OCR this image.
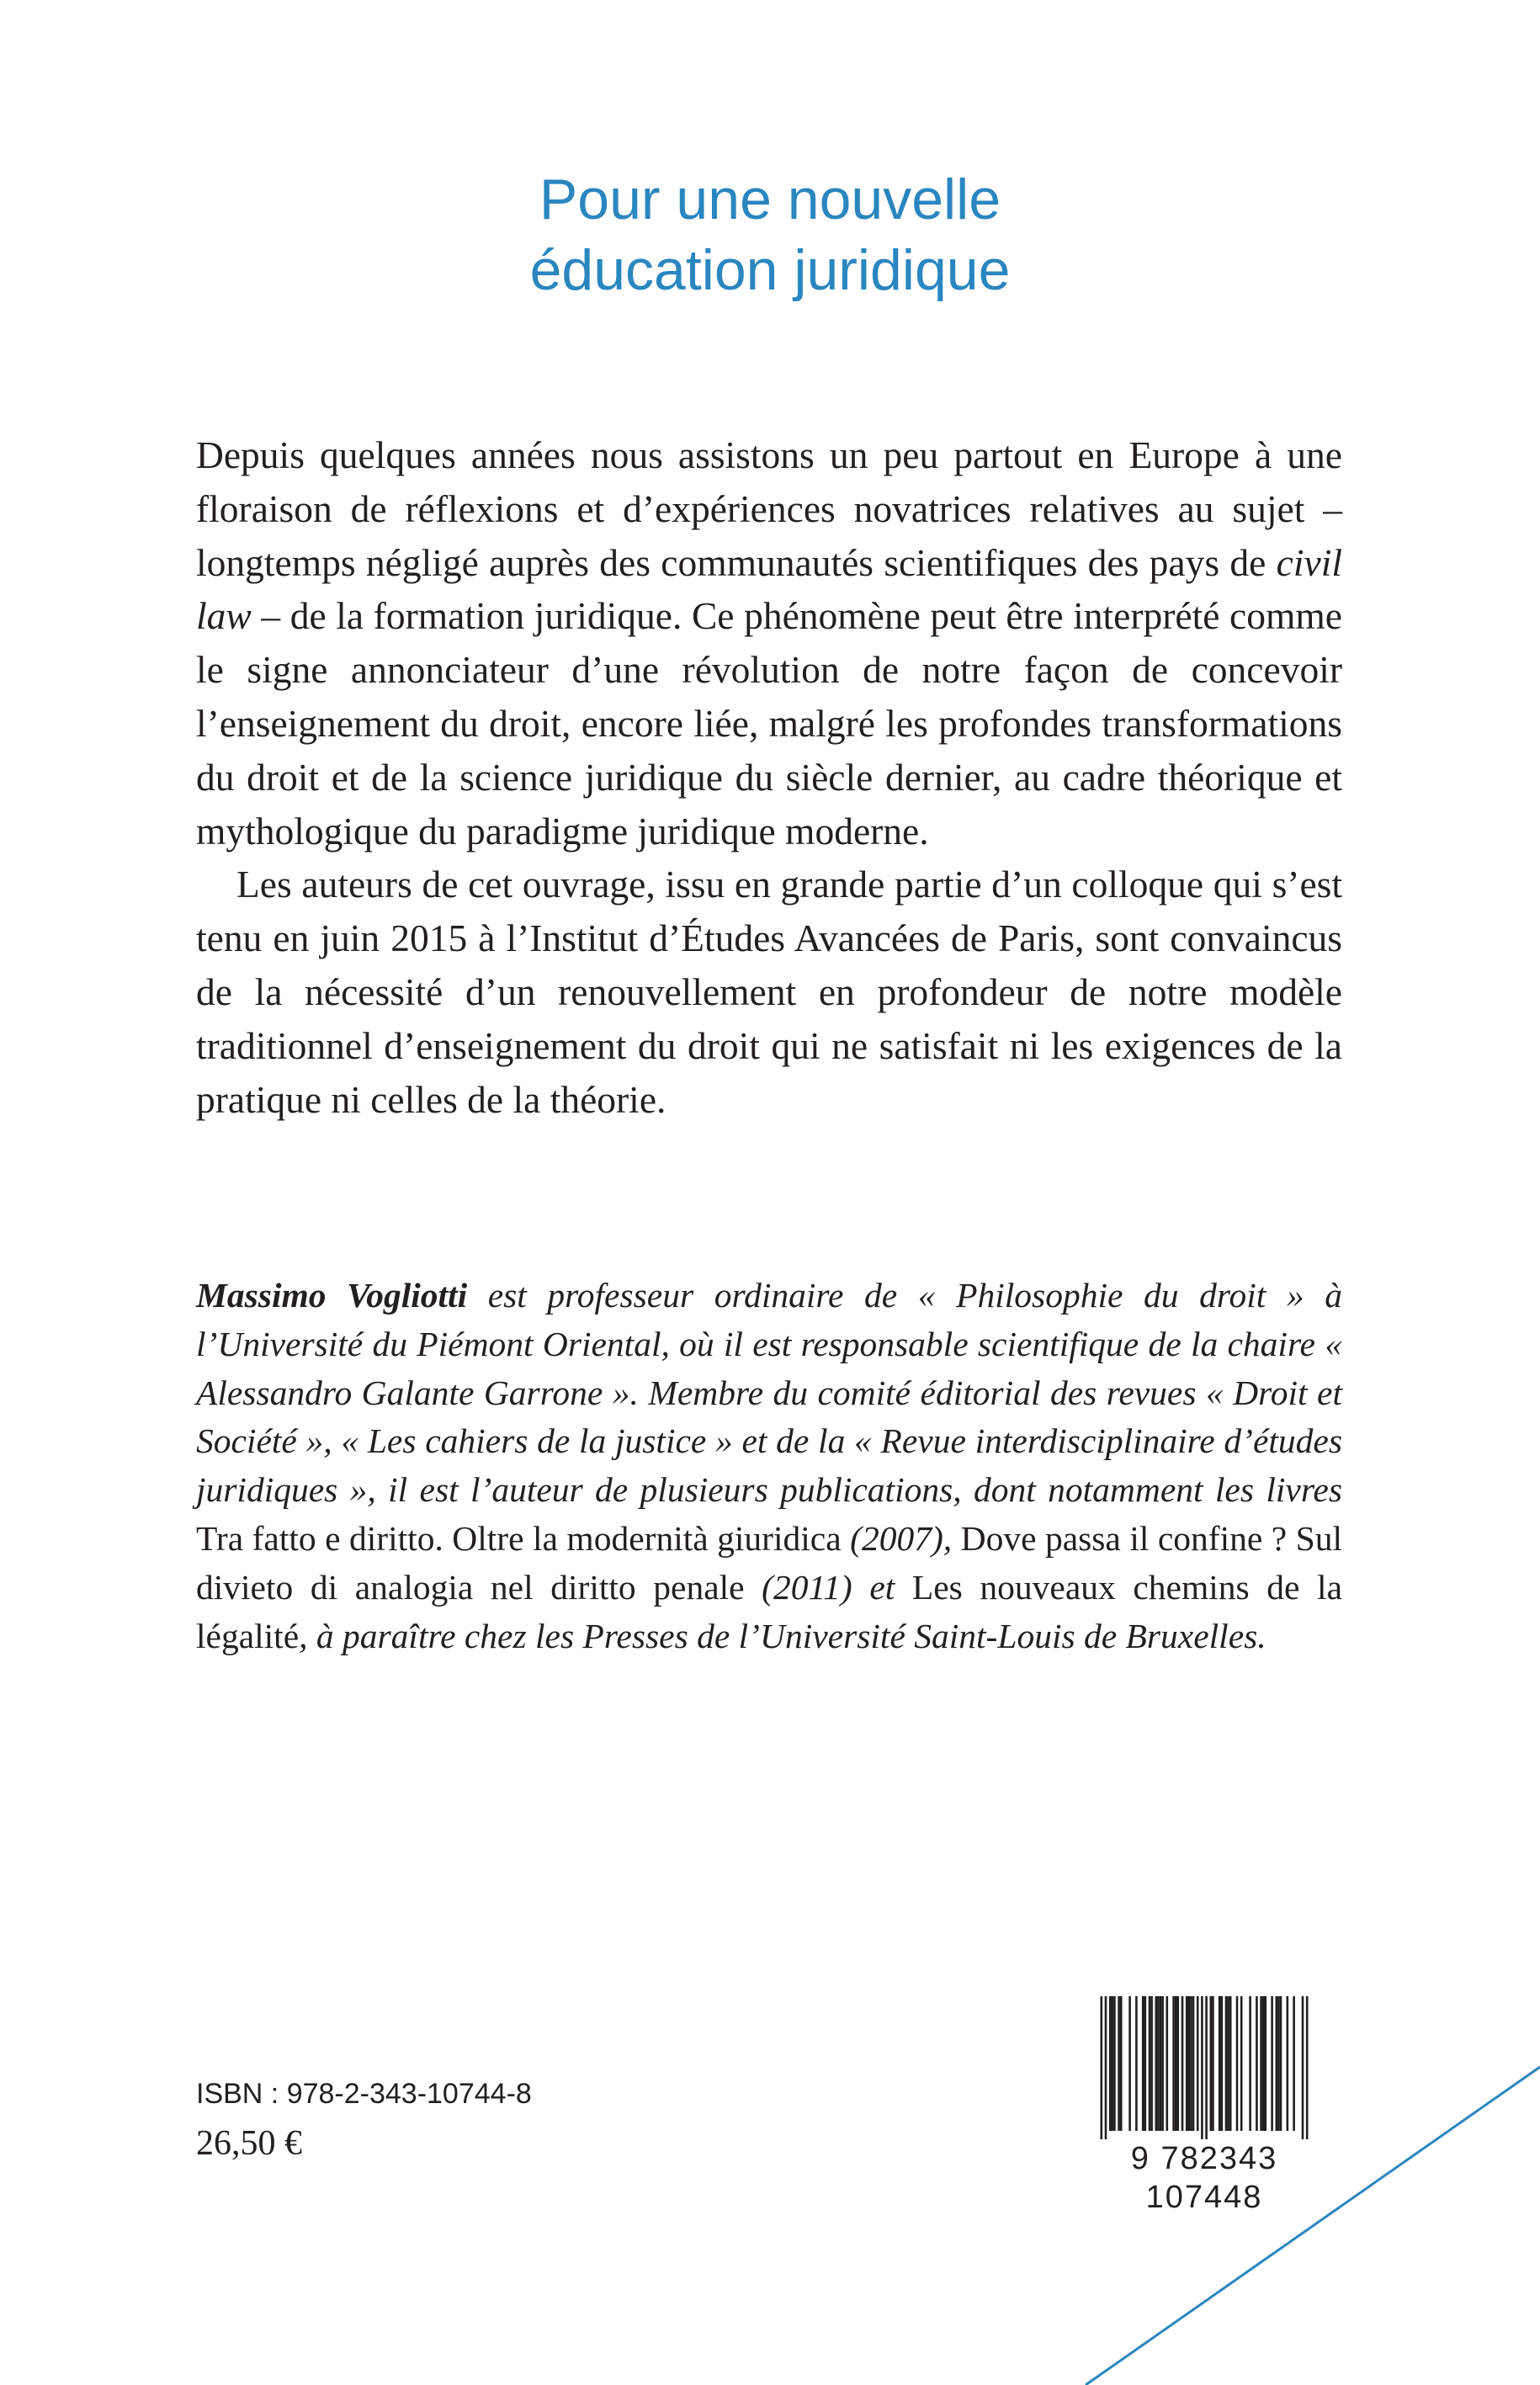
Pour une nouvelle
éducation juridique

Depuis quelques années nous assistons un peu partout en Europe à une floraison de réflexions et d’expériences novatrices relatives au sujet – longtemps négligé auprès des communautés scientifiques des pays de civil law – de la formation juridique. Ce phénomène peut être interprété comme le signe annonciateur d’une révolution de notre façon de concevoir l’enseignement du droit, encore liée, malgré les profondes transformations du droit et de la science juridique du siècle dernier, au cadre théorique et mythologique du paradigme juridique moderne.

Les auteurs de cet ouvrage, issu en grande partie d’un colloque qui s’est tenu en juin 2015 à l’Institut d’Études Avancées de Paris, sont convaincus de la nécessité d’un renouvellement en profondeur de notre modèle traditionnel d’enseignement du droit qui ne satisfait ni les exigences de la pratique ni celles de la théorie.

Massimo Vogliotti est professeur ordinaire de « Philosophie du droit » à l’Université du Piémont Oriental, où il est responsable scientifique de la chaire « Alessandro Galante Garrone ». Membre du comité éditorial des revues « Droit et Société », « Les cahiers de la justice » et de la « Revue interdisciplinaire d’études juridiques », il est l’auteur de plusieurs publications, dont notamment les livres Tra fatto e diritto. Oltre la modernità giuridica (2007), Dove passa il confine ? Sul divieto di analogia nel diritto penale (2011) et Les nouveaux chemins de la légalité, à paraître chez les Presses de l’Université Saint-Louis de Bruxelles.

ISBN : 978-2-343-10744-8
26,50 €	9 782343 107448
